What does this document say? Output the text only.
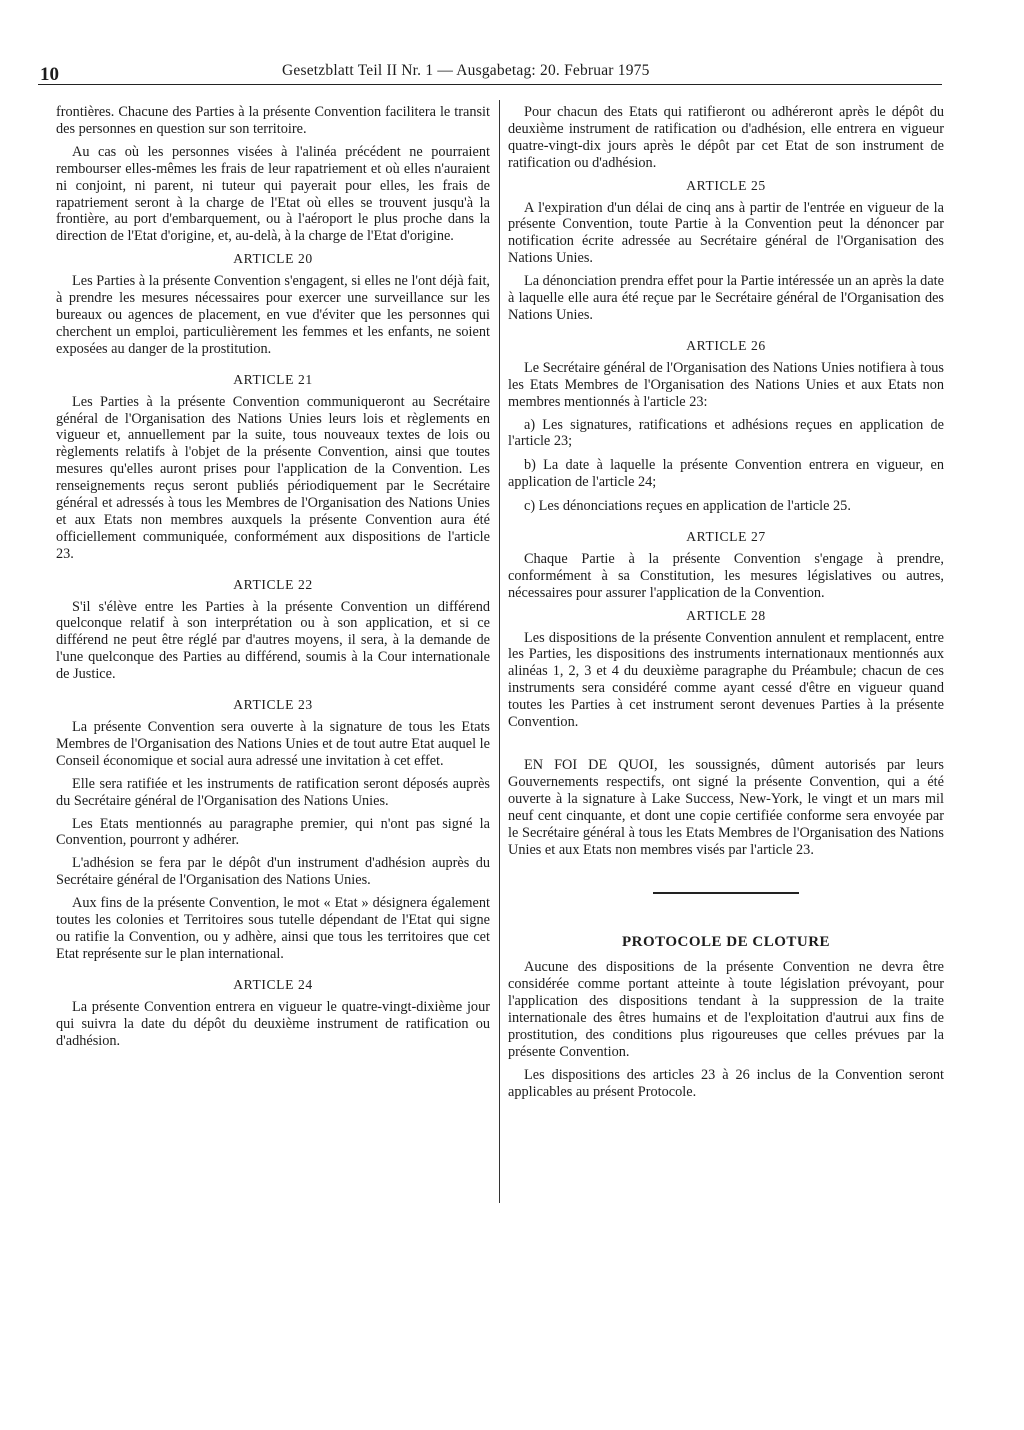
10	Gesetzblatt Teil II Nr. 1 — Ausgabetag: 20. Februar 1975

frontières. Chacune des Parties à la présente Convention facilitera le transit des personnes en question sur son territoire.

Au cas où les personnes visées à l'alinéa précédent ne pourraient rembourser elles-mêmes les frais de leur rapatriement et où elles n'auraient ni conjoint, ni parent, ni tuteur qui payerait pour elles, les frais de rapatriement seront à la charge de l'Etat où elles se trouvent jusqu'à la frontière, au port d'embarquement, ou à l'aéroport le plus proche dans la direction de l'Etat d'origine, et, au-delà, à la charge de l'Etat d'origine.

ARTICLE 20

Les Parties à la présente Convention s'engagent, si elles ne l'ont déjà fait, à prendre les mesures nécessaires pour exercer une surveillance sur les bureaux ou agences de placement, en vue d'éviter que les personnes qui cherchent un emploi, particulièrement les femmes et les enfants, ne soient exposées au danger de la prostitution.

ARTICLE 21

Les Parties à la présente Convention communiqueront au Secrétaire général de l'Organisation des Nations Unies leurs lois et règlements en vigueur et, annuellement par la suite, tous nouveaux textes de lois ou règlements relatifs à l'objet de la présente Convention, ainsi que toutes mesures qu'elles auront prises pour l'application de la Convention. Les renseignements reçus seront publiés périodiquement par le Secrétaire général et adressés à tous les Membres de l'Organisation des Nations Unies et aux Etats non membres auxquels la présente Convention aura été officiellement communiquée, conformément aux dispositions de l'article 23.

ARTICLE 22

S'il s'élève entre les Parties à la présente Convention un différend quelconque relatif à son interprétation ou à son application, et si ce différend ne peut être réglé par d'autres moyens, il sera, à la demande de l'une quelconque des Parties au différend, soumis à la Cour internationale de Justice.

ARTICLE 23

La présente Convention sera ouverte à la signature de tous les Etats Membres de l'Organisation des Nations Unies et de tout autre Etat auquel le Conseil économique et social aura adressé une invitation à cet effet.

Elle sera ratifiée et les instruments de ratification seront déposés auprès du Secrétaire général de l'Organisation des Nations Unies.

Les Etats mentionnés au paragraphe premier, qui n'ont pas signé la Convention, pourront y adhérer.

L'adhésion se fera par le dépôt d'un instrument d'adhésion auprès du Secrétaire général de l'Organisation des Nations Unies.

Aux fins de la présente Convention, le mot « Etat » désignera également toutes les colonies et Territoires sous tutelle dépendant de l'Etat qui signe ou ratifie la Convention, ou y adhère, ainsi que tous les territoires que cet Etat représente sur le plan international.

ARTICLE 24

La présente Convention entrera en vigueur le quatre-vingt-dixième jour qui suivra la date du dépôt du deuxième instrument de ratification ou d'adhésion.

Pour chacun des Etats qui ratifieront ou adhéreront après le dépôt du deuxième instrument de ratification ou d'adhésion, elle entrera en vigueur quatre-vingt-dix jours après le dépôt par cet Etat de son instrument de ratification ou d'adhésion.

ARTICLE 25

A l'expiration d'un délai de cinq ans à partir de l'entrée en vigueur de la présente Convention, toute Partie à la Convention peut la dénoncer par notification écrite adressée au Secrétaire général de l'Organisation des Nations Unies.

La dénonciation prendra effet pour la Partie intéressée un an après la date à laquelle elle aura été reçue par le Secrétaire général de l'Organisation des Nations Unies.

ARTICLE 26

Le Secrétaire général de l'Organisation des Nations Unies notifiera à tous les Etats Membres de l'Organisation des Nations Unies et aux Etats non membres mentionnés à l'article 23:

a) Les signatures, ratifications et adhésions reçues en application de l'article 23;

b) La date à laquelle la présente Convention entrera en vigueur, en application de l'article 24;

c) Les dénonciations reçues en application de l'article 25.

ARTICLE 27

Chaque Partie à la présente Convention s'engage à prendre, conformément à sa Constitution, les mesures législatives ou autres, nécessaires pour assurer l'application de la Convention.

ARTICLE 28

Les dispositions de la présente Convention annulent et remplacent, entre les Parties, les dispositions des instruments internationaux mentionnés aux alinéas 1, 2, 3 et 4 du deuxième paragraphe du Préambule; chacun de ces instruments sera considéré comme ayant cessé d'être en vigueur quand toutes les Parties à cet instrument seront devenues Parties à la présente Convention.

EN FOI DE QUOI, les soussignés, dûment autorisés par leurs Gouvernements respectifs, ont signé la présente Convention, qui a été ouverte à la signature à Lake Success, New-York, le vingt et un mars mil neuf cent cinquante, et dont une copie certifiée conforme sera envoyée par le Secrétaire général à tous les Etats Membres de l'Organisation des Nations Unies et aux Etats non membres visés par l'article 23.

PROTOCOLE DE CLOTURE

Aucune des dispositions de la présente Convention ne devra être considérée comme portant atteinte à toute législation prévoyant, pour l'application des dispositions tendant à la suppression de la traite internationale des êtres humains et de l'exploitation d'autrui aux fins de prostitution, des conditions plus rigoureuses que celles prévues par la présente Convention.

Les dispositions des articles 23 à 26 inclus de la Convention seront applicables au présent Protocole.
